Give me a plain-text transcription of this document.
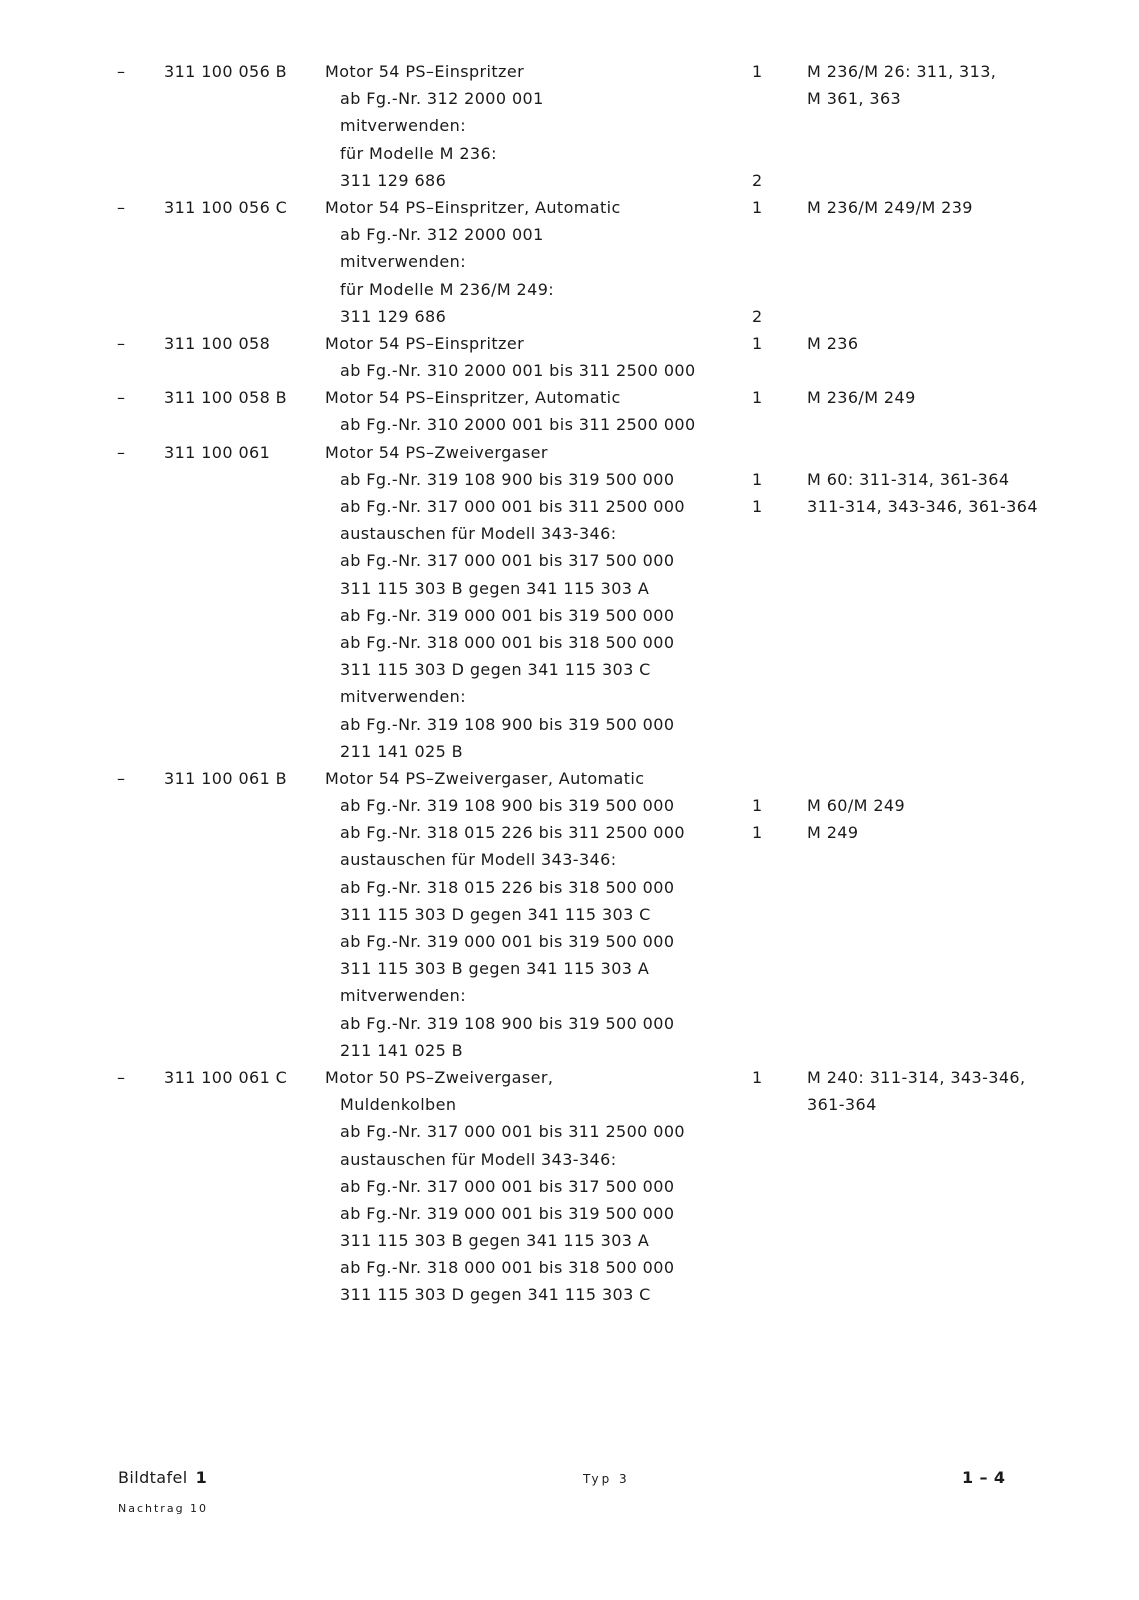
– 311 100 056 B Motor 54 PS–Einspritzer	1	M 236/M 26: 311, 313,
ab Fg.-Nr. 312 2000 001	M 361, 363
mitverwenden:
für Modelle M 236:
311 129 686	2
– 311 100 056 C Motor 54 PS–Einspritzer, Automatic	1	M 236/M 249/M 239
ab Fg.-Nr. 312 2000 001
mitverwenden:
für Modelle M 236/M 249:
311 129 686	2
– 311 100 058	Motor 54 PS–Einspritzer	1	M 236
ab Fg.-Nr. 310 2000 001 bis 311 2500 000
– 311 100 058 B Motor 54 PS–Einspritzer, Automatic	1	M 236/M 249
ab Fg.-Nr. 310 2000 001 bis 311 2500 000
– 311 100 061	Motor 54 PS–Zweivergaser
ab Fg.-Nr. 319 108 900 bis 319 500 000	1	M 60: 311-314, 361-364
ab Fg.-Nr. 317 000 001 bis 311 2500 000	1	311-314, 343-346, 361-364
austauschen für Modell 343-346:
ab Fg.-Nr. 317 000 001 bis 317 500 000
311 115 303 B gegen 341 115 303 A
ab Fg.-Nr. 319 000 001 bis 319 500 000
ab Fg.-Nr. 318 000 001 bis 318 500 000
311 115 303 D gegen 341 115 303 C
mitverwenden:
ab Fg.-Nr. 319 108 900 bis 319 500 000
211 141 025 B
– 311 100 061 B Motor 54 PS–Zweivergaser, Automatic
ab Fg.-Nr. 319 108 900 bis 319 500 000	1	M 60/M 249
ab Fg.-Nr. 318 015 226 bis 311 2500 000	1	M 249
austauschen für Modell 343-346:
ab Fg.-Nr. 318 015 226 bis 318 500 000
311 115 303 D gegen 341 115 303 C
ab Fg.-Nr. 319 000 001 bis 319 500 000
311 115 303 B gegen 341 115 303 A
mitverwenden:
ab Fg.-Nr. 319 108 900 bis 319 500 000
211 141 025 B
– 311 100 061 C Motor 50 PS–Zweivergaser,	1	M 240: 311-314, 343-346,
Muldenkolben	361-364
ab Fg.-Nr. 317 000 001 bis 311 2500 000
austauschen für Modell 343-346:
ab Fg.-Nr. 317 000 001 bis 317 500 000
ab Fg.-Nr. 319 000 001 bis 319 500 000
311 115 303 B gegen 341 115 303 A
ab Fg.-Nr. 318 000 001 bis 318 500 000
311 115 303 D gegen 341 115 303 C
Bildtafel 1
Nachtrag 10
Typ 3	1 – 4
